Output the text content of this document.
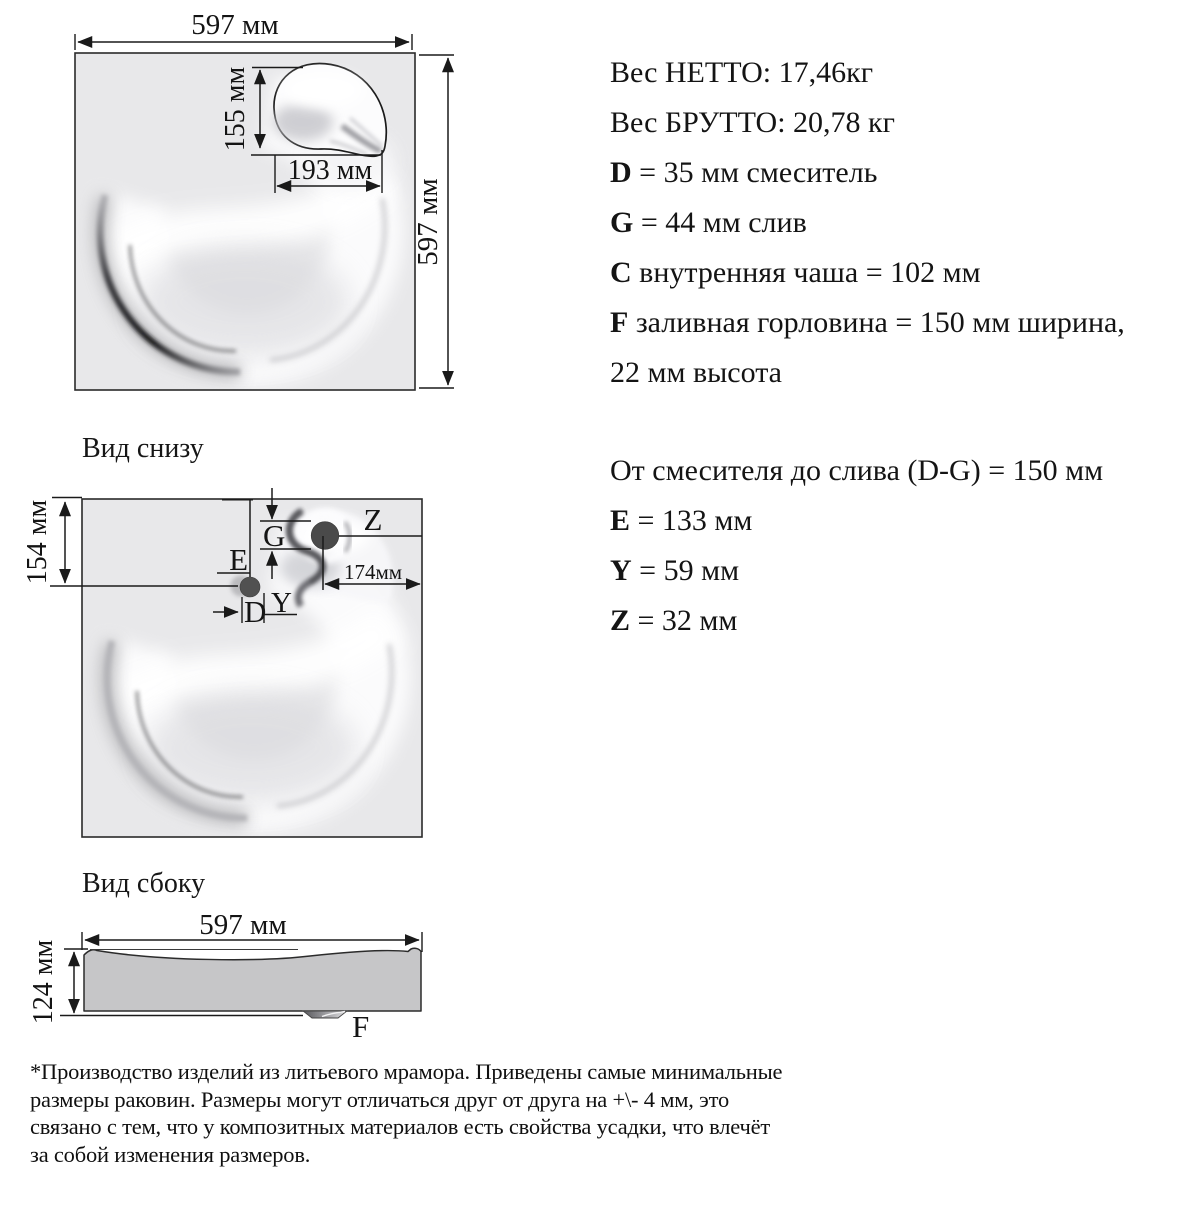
597 мм
597 мм
155 мм
193 мм
Вид снизу
154 мм	E
G	Z
174мм
D Y
Вид сбоку
597 мм
124 мм
F
Вес НЕТТО: 17,46кг
Вес БРУТТО: 20,78 кг
D = 35 мм смеситель
G = 44 мм слив
C внутренняя чаша = 102 мм
F заливная горловина = 150 мм ширина,
22 мм высота
От смесителя до слива (D-G) = 150 мм
E = 133 мм
Y = 59 мм
Z = 32 мм
*Производство изделий из литьевого мрамора. Приведены самые минимальные
размеры раковин. Размеры могут отличаться друг от друга на +\- 4 мм, это
связано с тем, что у композитных материалов есть свойства усадки, что влечёт
за собой изменения размеров.
